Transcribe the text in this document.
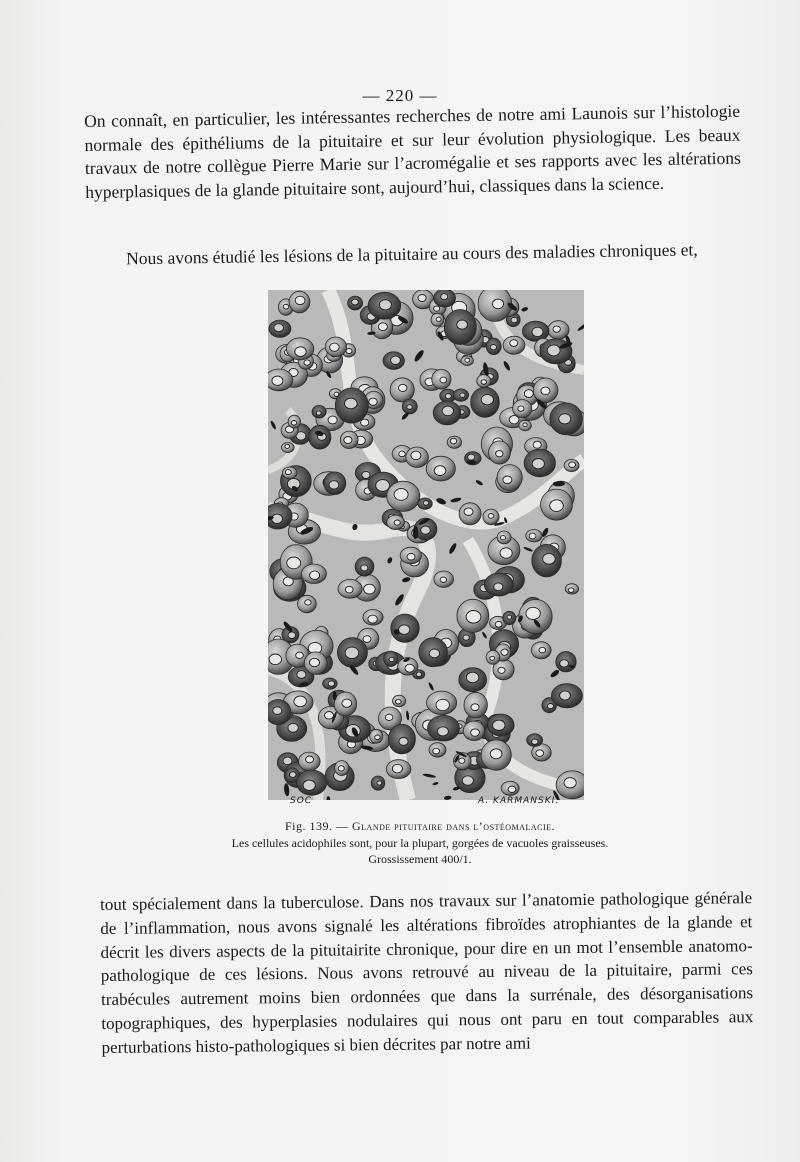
— 220 —

On connaît, en particulier, les intéressantes recherches de notre ami Launois sur l’histologie normale des épithéliums de la pituitaire et sur leur évolution physiologique. Les beaux travaux de notre collègue Pierre Marie sur l’acromégalie et ses rapports avec les altérations hyperplasiques de la glande pituitaire sont, aujourd’hui, classiques dans la science.

Nous avons étudié les lésions de la pituitaire au cours des maladies chroniques et,

SOC	A. KARMANSKI.
Fig. 139. — Glande pituitaire dans l’ostéomalacie.
Les cellules acidophiles sont, pour la plupart, gorgées de vacuoles graisseuses.
Grossissement 400/1.

tout spécialement dans la tuberculose. Dans nos travaux sur l’anatomie pathologique générale de l’inflammation, nous avons signalé les altérations fibroïdes atrophiantes de la glande et décrit les divers aspects de la pituitairite chronique, pour dire en un mot l’ensemble anatomo-pathologique de ces lésions. Nous avons retrouvé au niveau de la pituitaire, parmi ces trabécules autrement moins bien ordonnées que dans la surrénale, des désorganisations topographiques, des hyperplasies nodulaires qui nous ont paru en tout comparables aux perturbations histo-pathologiques si bien décrites par notre ami
